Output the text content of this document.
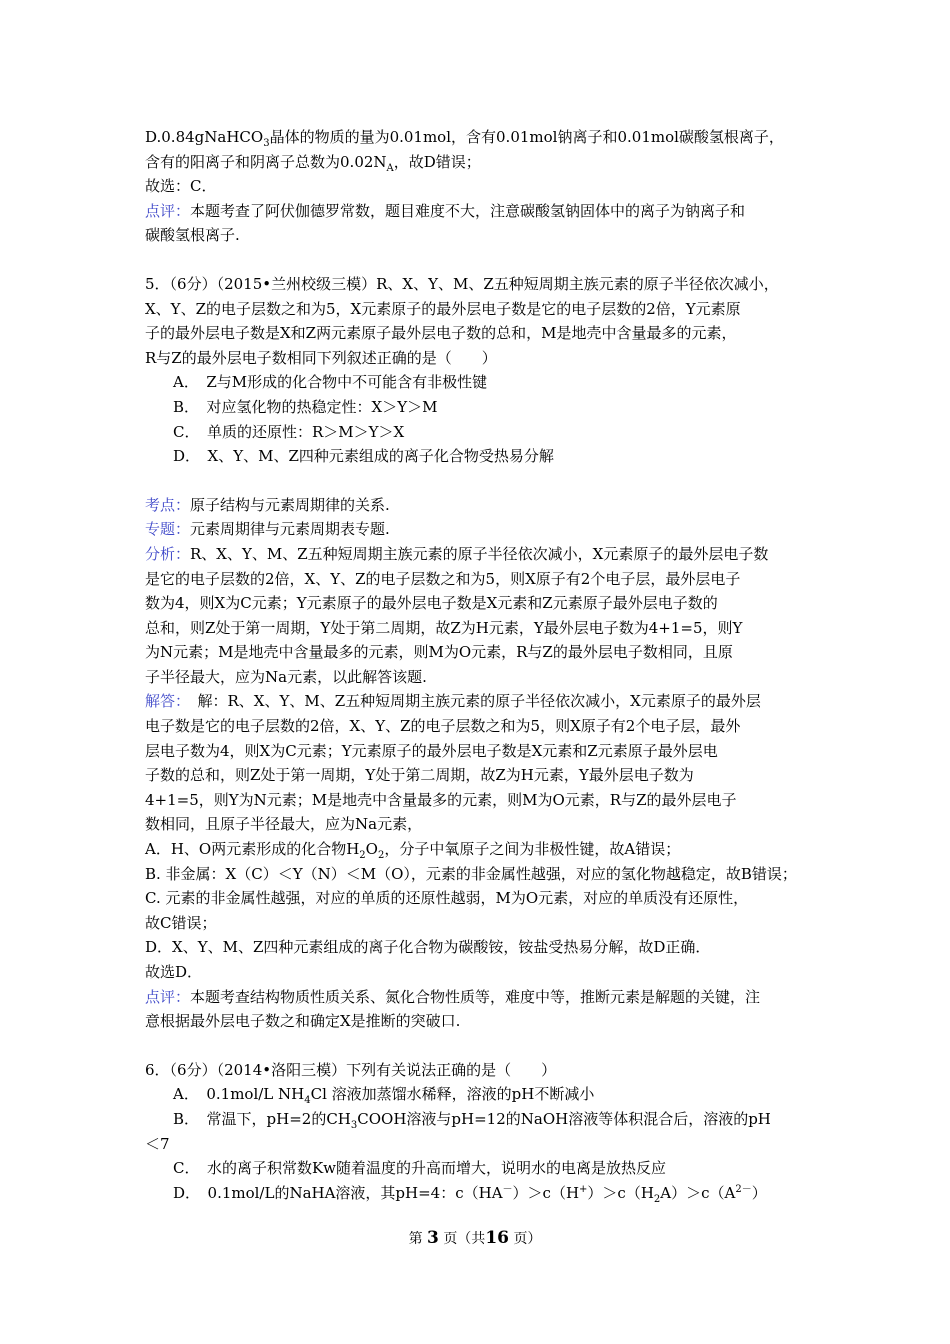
D.0.84gNaHCO$_3$晶体的物质的量为0.01mol，含有0.01mol钠离子和0.01mol碳酸氢根离子，

含有的阳离子和阴离子总数为$0.02N_A$，故D错误；

故选：C．

点评：本题考查了阿伏伽德罗常数，题目难度不大，注意碳酸氢钠固体中的离子为钠离子和

碳酸氢根离子.

5．（6分）（2015•兰州校级三模）R、X、Y、M、Z五种短周期主族元素的原子半径依次减小，

X、Y、Z的电子层数之和为5，X元素原子的最外层电子数是它的电子层数的2倍，Y元素原

子的最外层电子数是X和Z两元素原子最外层电子数的总和，M是地壳中含量最多的元素，

R与Z的最外层电子数相同下列叙述正确的是（　　）

A．　Z与M形成的化合物中不可能含有非极性键

B．　对应氢化物的热稳定性：X＞Y＞M

C．　单质的还原性：R＞M＞Y＞X

D．　X、Y、M、Z四种元素组成的离子化合物受热易分解

考点：原子结构与元素周期律的关系.

专题：元素周期律与元素周期表专题.

分析：R、X、Y、M、Z五种短周期主族元素的原子半径依次减小，X元素原子的最外层电子数

是它的电子层数的2倍，X、Y、Z的电子层数之和为5，则X原子有2个电子层，最外层电子

数为4，则X为C元素；Y元素原子的最外层电子数是X元素和Z元素原子最外层电子数的

总和，则Z处于第一周期，Y处于第二周期，故Z为H元素，Y最外层电子数为4+1=5，则Y

为N元素；M是地壳中含量最多的元素，则M为O元素，R与Z的最外层电子数相同，且原

子半径最大，应为Na元素，以此解答该题.

解答：　解：R、X、Y、M、Z五种短周期主族元素的原子半径依次减小，X元素原子的最外层

电子数是它的电子层数的2倍，X、Y、Z的电子层数之和为5，则X原子有2个电子层，最外

层电子数为4，则X为C元素；Y元素原子的最外层电子数是X元素和Z元素原子最外层电

子数的总和，则Z处于第一周期，Y处于第二周期，故Z为H元素，Y最外层电子数为

4+1=5，则Y为N元素；M是地壳中含量最多的元素，则M为O元素，R与Z的最外层电子

数相同，且原子半径最大，应为Na元素，

A．H、O两元素形成的化合物$H_2O_2$，分子中氧原子之间为非极性键，故A错误；

B. 非金属：X（C）＜Y（N）＜M（O），元素的非金属性越强，对应的氢化物越稳定，故B错误；

C. 元素的非金属性越强，对应的单质的还原性越弱，M为O元素，对应的单质没有还原性，

故C错误；

D．X、Y、M、Z四种元素组成的离子化合物为碳酸铵，铵盐受热易分解，故D正确．

故选D．

点评：本题考查结构物质性质关系、氮化合物性质等，难度中等，推断元素是解题的关键，注

意根据最外层电子数之和确定X是推断的突破口.

6．（6分）（2014•洛阳三模）下列有关说法正确的是（　　）

A．　0.1mol/L $NH_4Cl$ 溶液加蒸馏水稀释，溶液的pH不断减小

B．　常温下，pH=2的$CH_3COOH$溶液与pH=12的NaOH溶液等体积混合后，溶液的pH

＜7

C．　水的离子积常数Kw随着温度的升高而增大，说明水的电离是放热反应

D．　0.1mol/L的NaHA溶液，其pH=4：$c(HA^-)>c(H^+)>c(H_2A)>c(A^{2-})$

第 3 页（共16 页）
